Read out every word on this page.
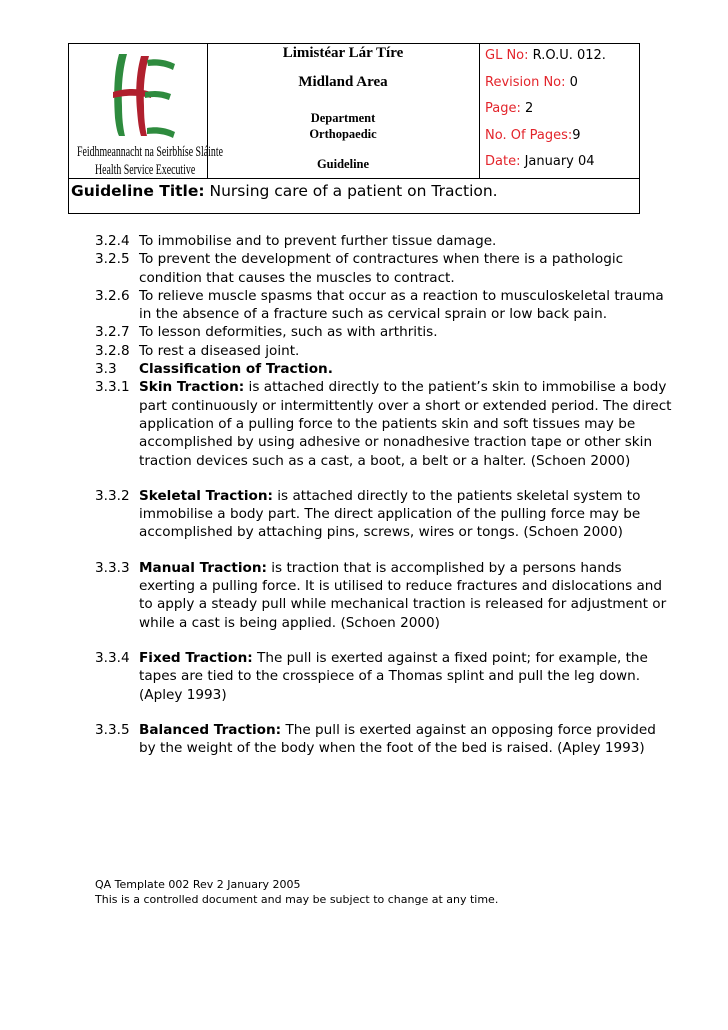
Feidhmeannacht na Seirbhíse Sláinte
Health Service Executive
Limistéar Lár Tíre
Midland Area
Department
Orthopaedic
Guideline
GL No: R.O.U. 012.
Revision No: 0
Page: 2
No. Of Pages:9
Date: January 04
Guideline Title: Nursing care of a patient on Traction.
3.2.4 To immobilise and to prevent further tissue damage.
3.2.5 To prevent the development of contractures when there is a pathologic condition that causes the muscles to contract.
3.2.6 To relieve muscle spasms that occur as a reaction to musculoskeletal trauma in the absence of a fracture such as cervical sprain or low back pain.
3.2.7 To lesson deformities, such as with arthritis.
3.2.8 To rest a diseased joint.
3.3 Classification of Traction.
3.3.1 Skin Traction: is attached directly to the patient’s skin to immobilise a body part continuously or intermittently over a short or extended period. The direct application of a pulling force to the patients skin and soft tissues may be accomplished by using adhesive or nonadhesive traction tape or other skin traction devices such as a cast, a boot, a belt or a halter. (Schoen 2000)
3.3.2 Skeletal Traction: is attached directly to the patients skeletal system to immobilise a body part. The direct application of the pulling force may be accomplished by attaching pins, screws, wires or tongs. (Schoen 2000)
3.3.3 Manual Traction: is traction that is accomplished by a persons hands exerting a pulling force. It is utilised to reduce fractures and dislocations and to apply a steady pull while mechanical traction is released for adjustment or while a cast is being applied. (Schoen 2000)
3.3.4 Fixed Traction: The pull is exerted against a fixed point; for example, the tapes are tied to the crosspiece of a Thomas splint and pull the leg down. (Apley 1993)
3.3.5 Balanced Traction: The pull is exerted against an opposing force provided by the weight of the body when the foot of the bed is raised. (Apley 1993)
QA Template 002 Rev 2 January 2005
This is a controlled document and may be subject to change at any time.
